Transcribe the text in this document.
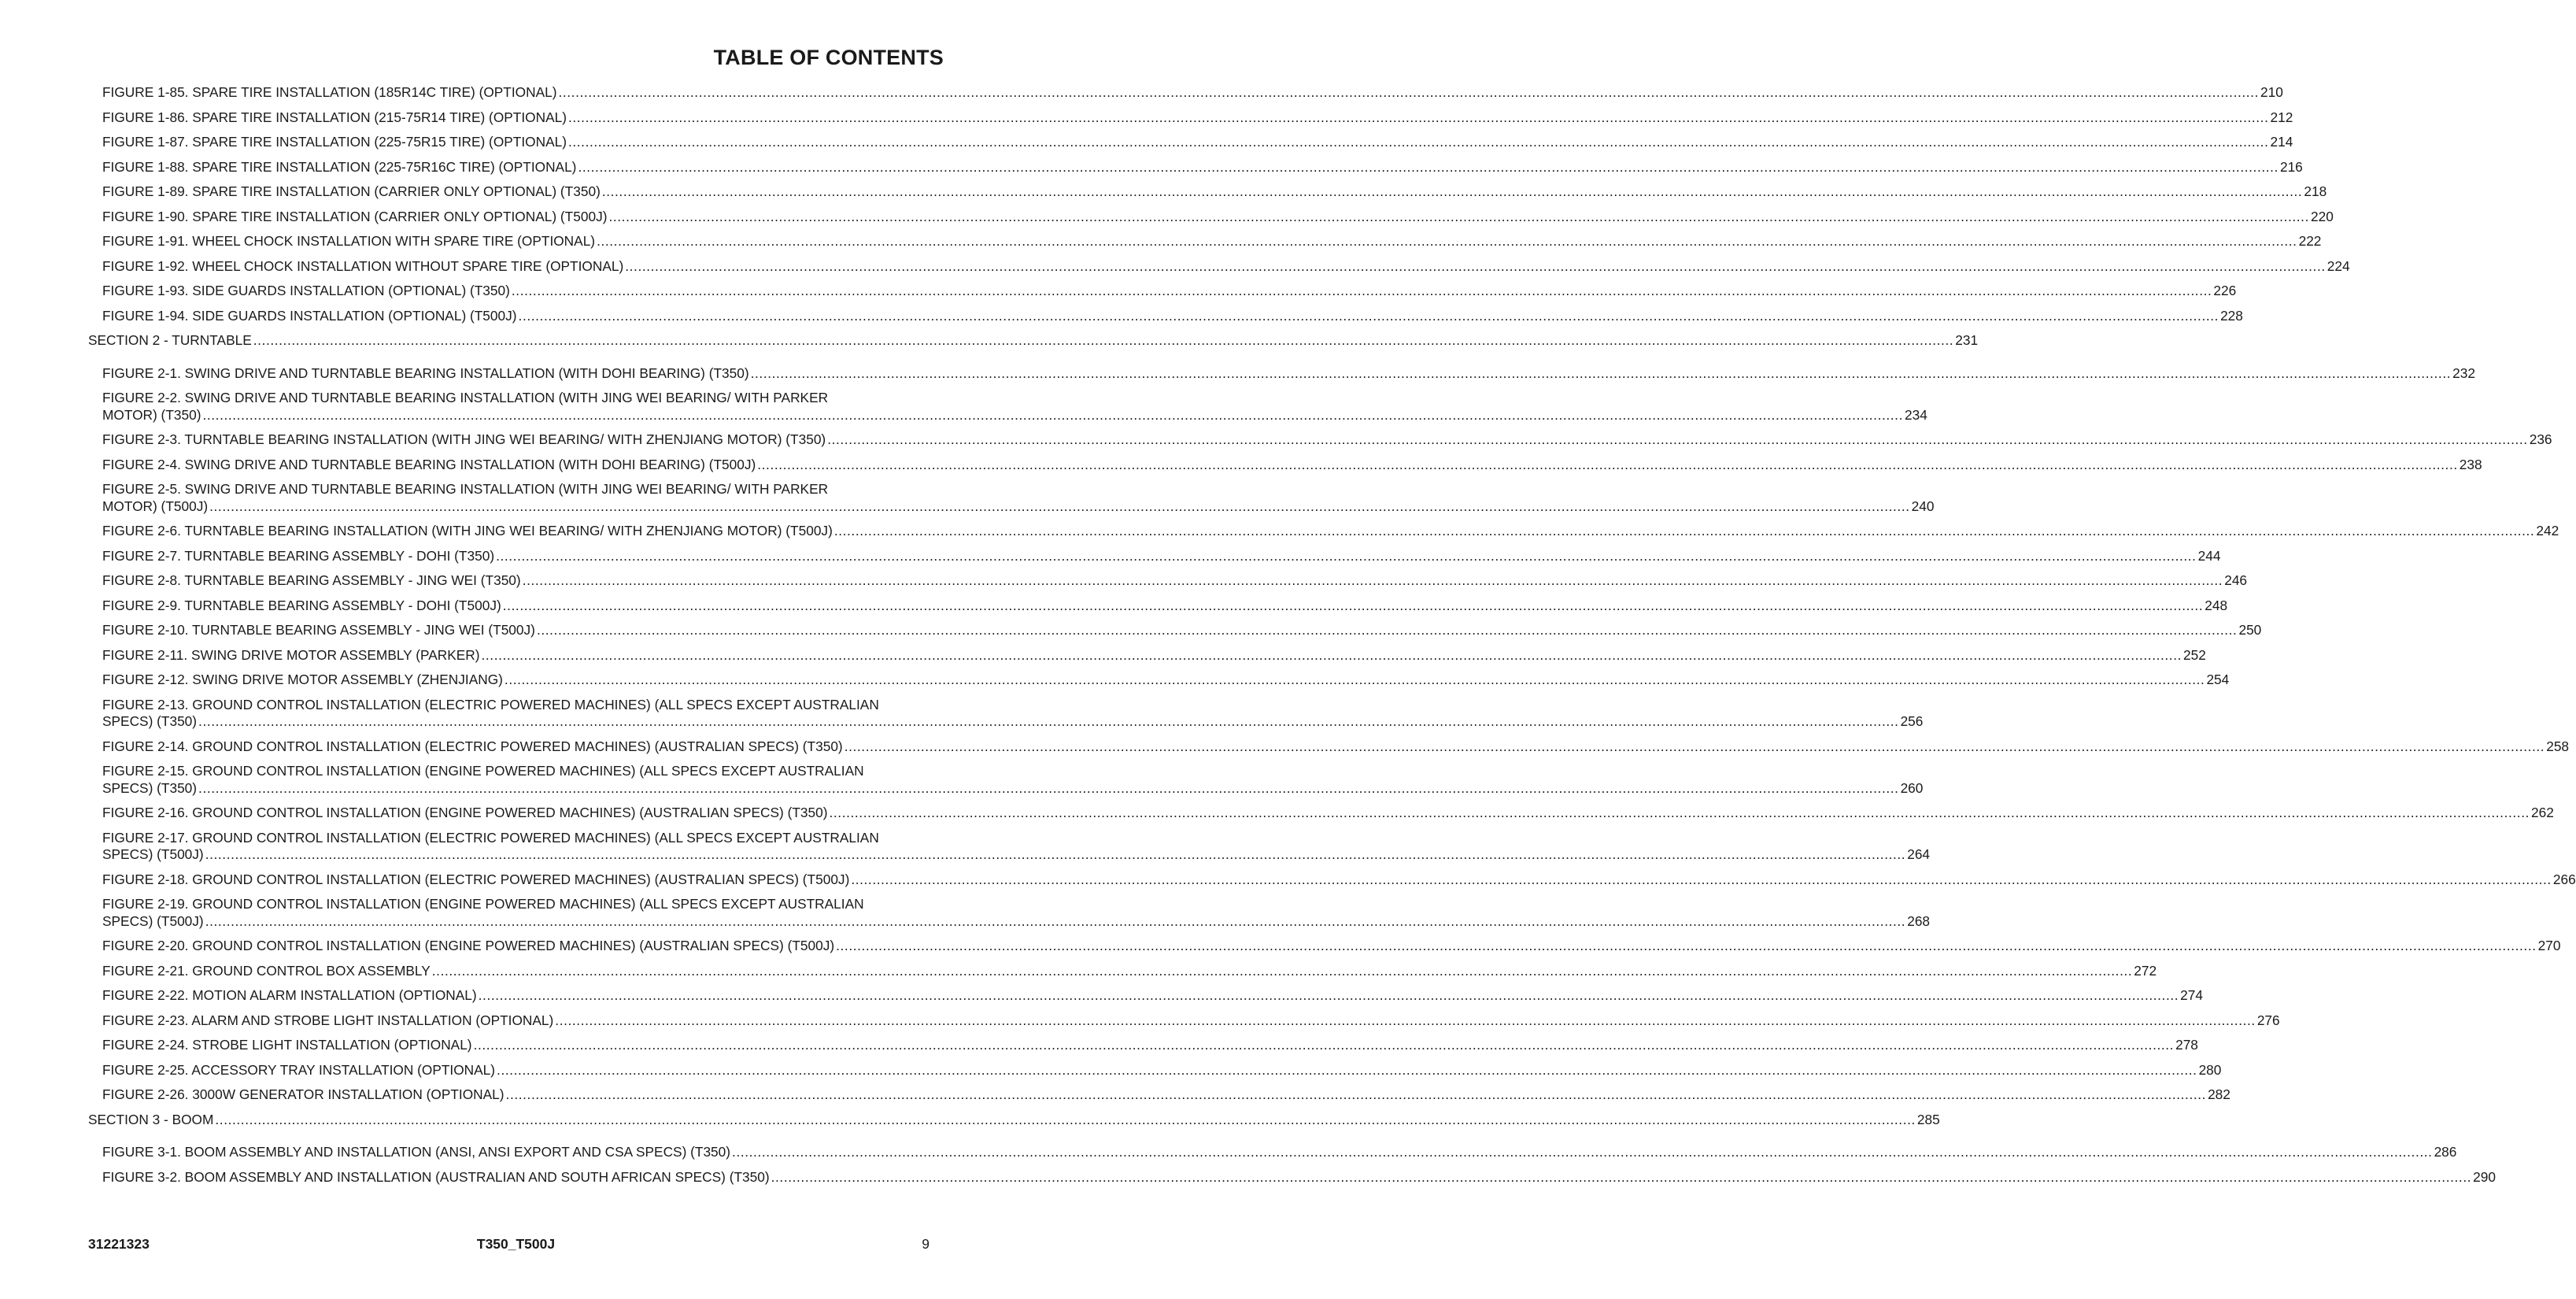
TABLE OF CONTENTS
FIGURE 1-85. SPARE TIRE INSTALLATION (185R14C TIRE) (OPTIONAL) ................................................................................................................................................................................................................................................................................................................................................................................................................ 210
FIGURE 1-86. SPARE TIRE INSTALLATION (215-75R14 TIRE) (OPTIONAL) ................................................................................................................................................................................................................................................................................................................................................................................................................ 212
FIGURE 1-87. SPARE TIRE INSTALLATION (225-75R15 TIRE) (OPTIONAL) ................................................................................................................................................................................................................................................................................................................................................................................................................ 214
FIGURE 1-88. SPARE TIRE INSTALLATION (225-75R16C TIRE) (OPTIONAL) ................................................................................................................................................................................................................................................................................................................................................................................................................ 216
FIGURE 1-89. SPARE TIRE INSTALLATION (CARRIER ONLY OPTIONAL) (T350) ................................................................................................................................................................................................................................................................................................................................................................................................................ 218
FIGURE 1-90. SPARE TIRE INSTALLATION (CARRIER ONLY OPTIONAL) (T500J) ................................................................................................................................................................................................................................................................................................................................................................................................................ 220
FIGURE 1-91. WHEEL CHOCK INSTALLATION WITH SPARE TIRE (OPTIONAL) ................................................................................................................................................................................................................................................................................................................................................................................................................ 222
FIGURE 1-92. WHEEL CHOCK INSTALLATION WITHOUT SPARE TIRE (OPTIONAL) ................................................................................................................................................................................................................................................................................................................................................................................................................ 224
FIGURE 1-93. SIDE GUARDS INSTALLATION (OPTIONAL) (T350) ................................................................................................................................................................................................................................................................................................................................................................................................................ 226
FIGURE 1-94. SIDE GUARDS INSTALLATION (OPTIONAL) (T500J) ................................................................................................................................................................................................................................................................................................................................................................................................................ 228
SECTION 2 - TURNTABLE ................................................................................................................................................................................................................................................................................................................................................................................................................ 231
FIGURE 2-1. SWING DRIVE AND TURNTABLE BEARING INSTALLATION (WITH DOHI BEARING) (T350) ................................................................................................................................................................................................................................................................................................................................................................................................................ 232
FIGURE 2-2. SWING DRIVE AND TURNTABLE BEARING INSTALLATION (WITH JING WEI BEARING/ WITH PARKER
MOTOR) (T350) ................................................................................................................................................................................................................................................................................................................................................................................................................ 234
FIGURE 2-3. TURNTABLE BEARING INSTALLATION (WITH JING WEI BEARING/ WITH ZHENJIANG MOTOR) (T350) ................................................................................................................................................................................................................................................................................................................................................................................................................ 236
FIGURE 2-4. SWING DRIVE AND TURNTABLE BEARING INSTALLATION (WITH DOHI BEARING) (T500J) ................................................................................................................................................................................................................................................................................................................................................................................................................ 238
FIGURE 2-5. SWING DRIVE AND TURNTABLE BEARING INSTALLATION (WITH JING WEI BEARING/ WITH PARKER
MOTOR) (T500J) ................................................................................................................................................................................................................................................................................................................................................................................................................ 240
FIGURE 2-6. TURNTABLE BEARING INSTALLATION (WITH JING WEI BEARING/ WITH ZHENJIANG MOTOR) (T500J) ................................................................................................................................................................................................................................................................................................................................................................................................................ 242
FIGURE 2-7. TURNTABLE BEARING ASSEMBLY - DOHI (T350) ................................................................................................................................................................................................................................................................................................................................................................................................................ 244
FIGURE 2-8. TURNTABLE BEARING ASSEMBLY - JING WEI (T350) ................................................................................................................................................................................................................................................................................................................................................................................................................ 246
FIGURE 2-9. TURNTABLE BEARING ASSEMBLY - DOHI (T500J) ................................................................................................................................................................................................................................................................................................................................................................................................................ 248
FIGURE 2-10. TURNTABLE BEARING ASSEMBLY - JING WEI (T500J) ................................................................................................................................................................................................................................................................................................................................................................................................................ 250
FIGURE 2-11. SWING DRIVE MOTOR ASSEMBLY (PARKER) ................................................................................................................................................................................................................................................................................................................................................................................................................ 252
FIGURE 2-12. SWING DRIVE MOTOR ASSEMBLY (ZHENJIANG) ................................................................................................................................................................................................................................................................................................................................................................................................................ 254
FIGURE 2-13. GROUND CONTROL INSTALLATION (ELECTRIC POWERED MACHINES) (ALL SPECS EXCEPT AUSTRALIAN
SPECS) (T350) ................................................................................................................................................................................................................................................................................................................................................................................................................ 256
FIGURE 2-14. GROUND CONTROL INSTALLATION (ELECTRIC POWERED MACHINES) (AUSTRALIAN SPECS) (T350) ................................................................................................................................................................................................................................................................................................................................................................................................................ 258
FIGURE 2-15. GROUND CONTROL INSTALLATION (ENGINE POWERED MACHINES) (ALL SPECS EXCEPT AUSTRALIAN
SPECS) (T350) ................................................................................................................................................................................................................................................................................................................................................................................................................ 260
FIGURE 2-16. GROUND CONTROL INSTALLATION (ENGINE POWERED MACHINES) (AUSTRALIAN SPECS) (T350) ................................................................................................................................................................................................................................................................................................................................................................................................................ 262
FIGURE 2-17. GROUND CONTROL INSTALLATION (ELECTRIC POWERED MACHINES) (ALL SPECS EXCEPT AUSTRALIAN
SPECS) (T500J) ................................................................................................................................................................................................................................................................................................................................................................................................................ 264
FIGURE 2-18. GROUND CONTROL INSTALLATION (ELECTRIC POWERED MACHINES) (AUSTRALIAN SPECS) (T500J) ................................................................................................................................................................................................................................................................................................................................................................................................................ 266
FIGURE 2-19. GROUND CONTROL INSTALLATION (ENGINE POWERED MACHINES) (ALL SPECS EXCEPT AUSTRALIAN
SPECS) (T500J) ................................................................................................................................................................................................................................................................................................................................................................................................................ 268
FIGURE 2-20. GROUND CONTROL INSTALLATION (ENGINE POWERED MACHINES) (AUSTRALIAN SPECS) (T500J) ................................................................................................................................................................................................................................................................................................................................................................................................................ 270
FIGURE 2-21. GROUND CONTROL BOX ASSEMBLY ................................................................................................................................................................................................................................................................................................................................................................................................................ 272
FIGURE 2-22. MOTION ALARM INSTALLATION (OPTIONAL) ................................................................................................................................................................................................................................................................................................................................................................................................................ 274
FIGURE 2-23. ALARM AND STROBE LIGHT INSTALLATION (OPTIONAL) ................................................................................................................................................................................................................................................................................................................................................................................................................ 276
FIGURE 2-24. STROBE LIGHT INSTALLATION (OPTIONAL) ................................................................................................................................................................................................................................................................................................................................................................................................................ 278
FIGURE 2-25. ACCESSORY TRAY INSTALLATION (OPTIONAL) ................................................................................................................................................................................................................................................................................................................................................................................................................ 280
FIGURE 2-26. 3000W GENERATOR INSTALLATION (OPTIONAL) ................................................................................................................................................................................................................................................................................................................................................................................................................ 282
SECTION 3 - BOOM ................................................................................................................................................................................................................................................................................................................................................................................................................ 285
FIGURE 3-1. BOOM ASSEMBLY AND INSTALLATION (ANSI, ANSI EXPORT AND CSA SPECS) (T350) ................................................................................................................................................................................................................................................................................................................................................................................................................ 286
FIGURE 3-2. BOOM ASSEMBLY AND INSTALLATION (AUSTRALIAN AND SOUTH AFRICAN SPECS) (T350) ................................................................................................................................................................................................................................................................................................................................................................................................................ 290
31221323	T350_T500J	9
